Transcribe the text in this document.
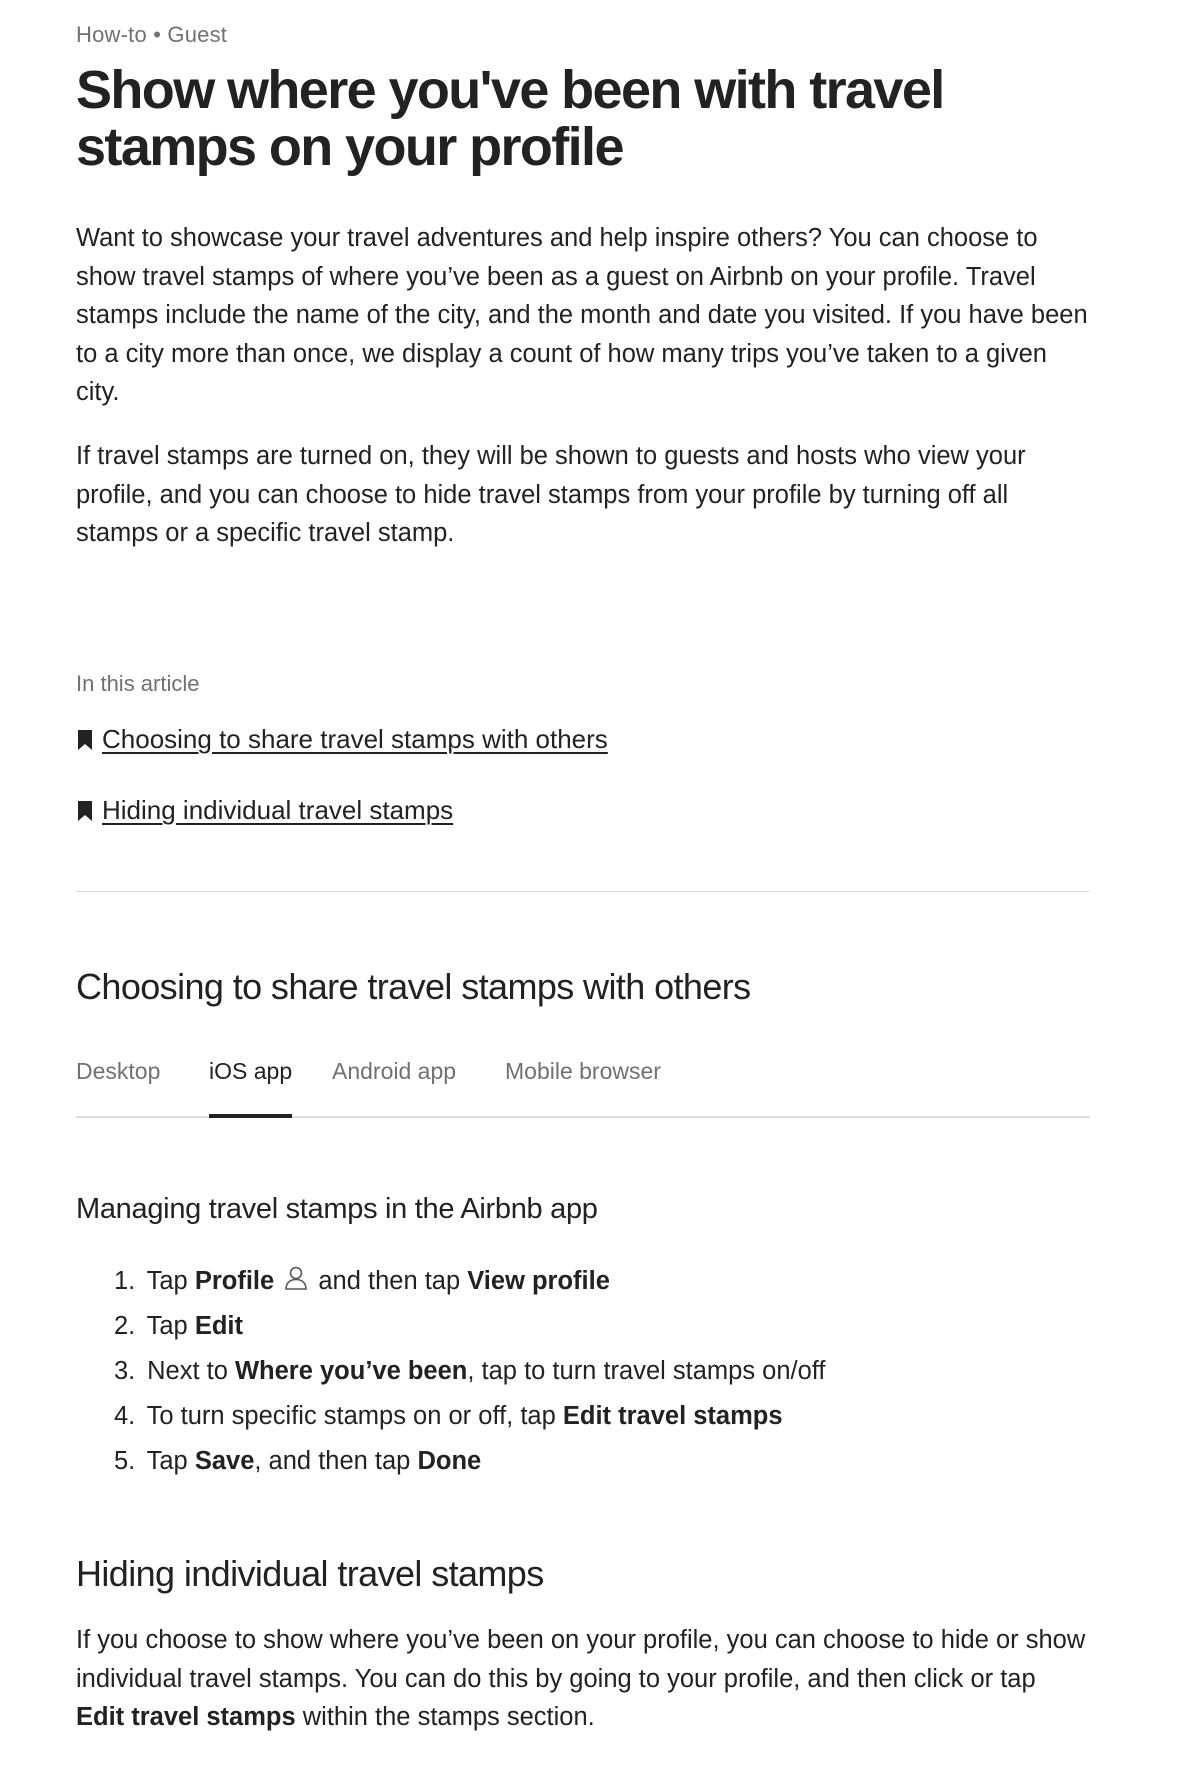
How-to • Guest
Show where you've been with travel stamps on your profile

Want to showcase your travel adventures and help inspire others? You can choose to show travel stamps of where you’ve been as a guest on Airbnb on your profile. Travel stamps include the name of the city, and the month and date you visited. If you have been to a city more than once, we display a count of how many trips you’ve taken to a given city.

If travel stamps are turned on, they will be shown to guests and hosts who view your profile, and you can choose to hide travel stamps from your profile by turning off all stamps or a specific travel stamp.

In this article
Choosing to share travel stamps with others
Hiding individual travel stamps
Choosing to share travel stamps with others
Desktop iOS app Android app Mobile browser
Managing travel stamps in the Airbnb app
1. Tap Profile  and then tap View profile
2. Tap Edit
3. Next to Where you’ve been, tap to turn travel stamps on/off
4. To turn specific stamps on or off, tap Edit travel stamps
5. Tap Save, and then tap Done
Hiding individual travel stamps

If you choose to show where you’ve been on your profile, you can choose to hide or show individual travel stamps. You can do this by going to your profile, and then click or tap Edit travel stamps within the stamps section.
